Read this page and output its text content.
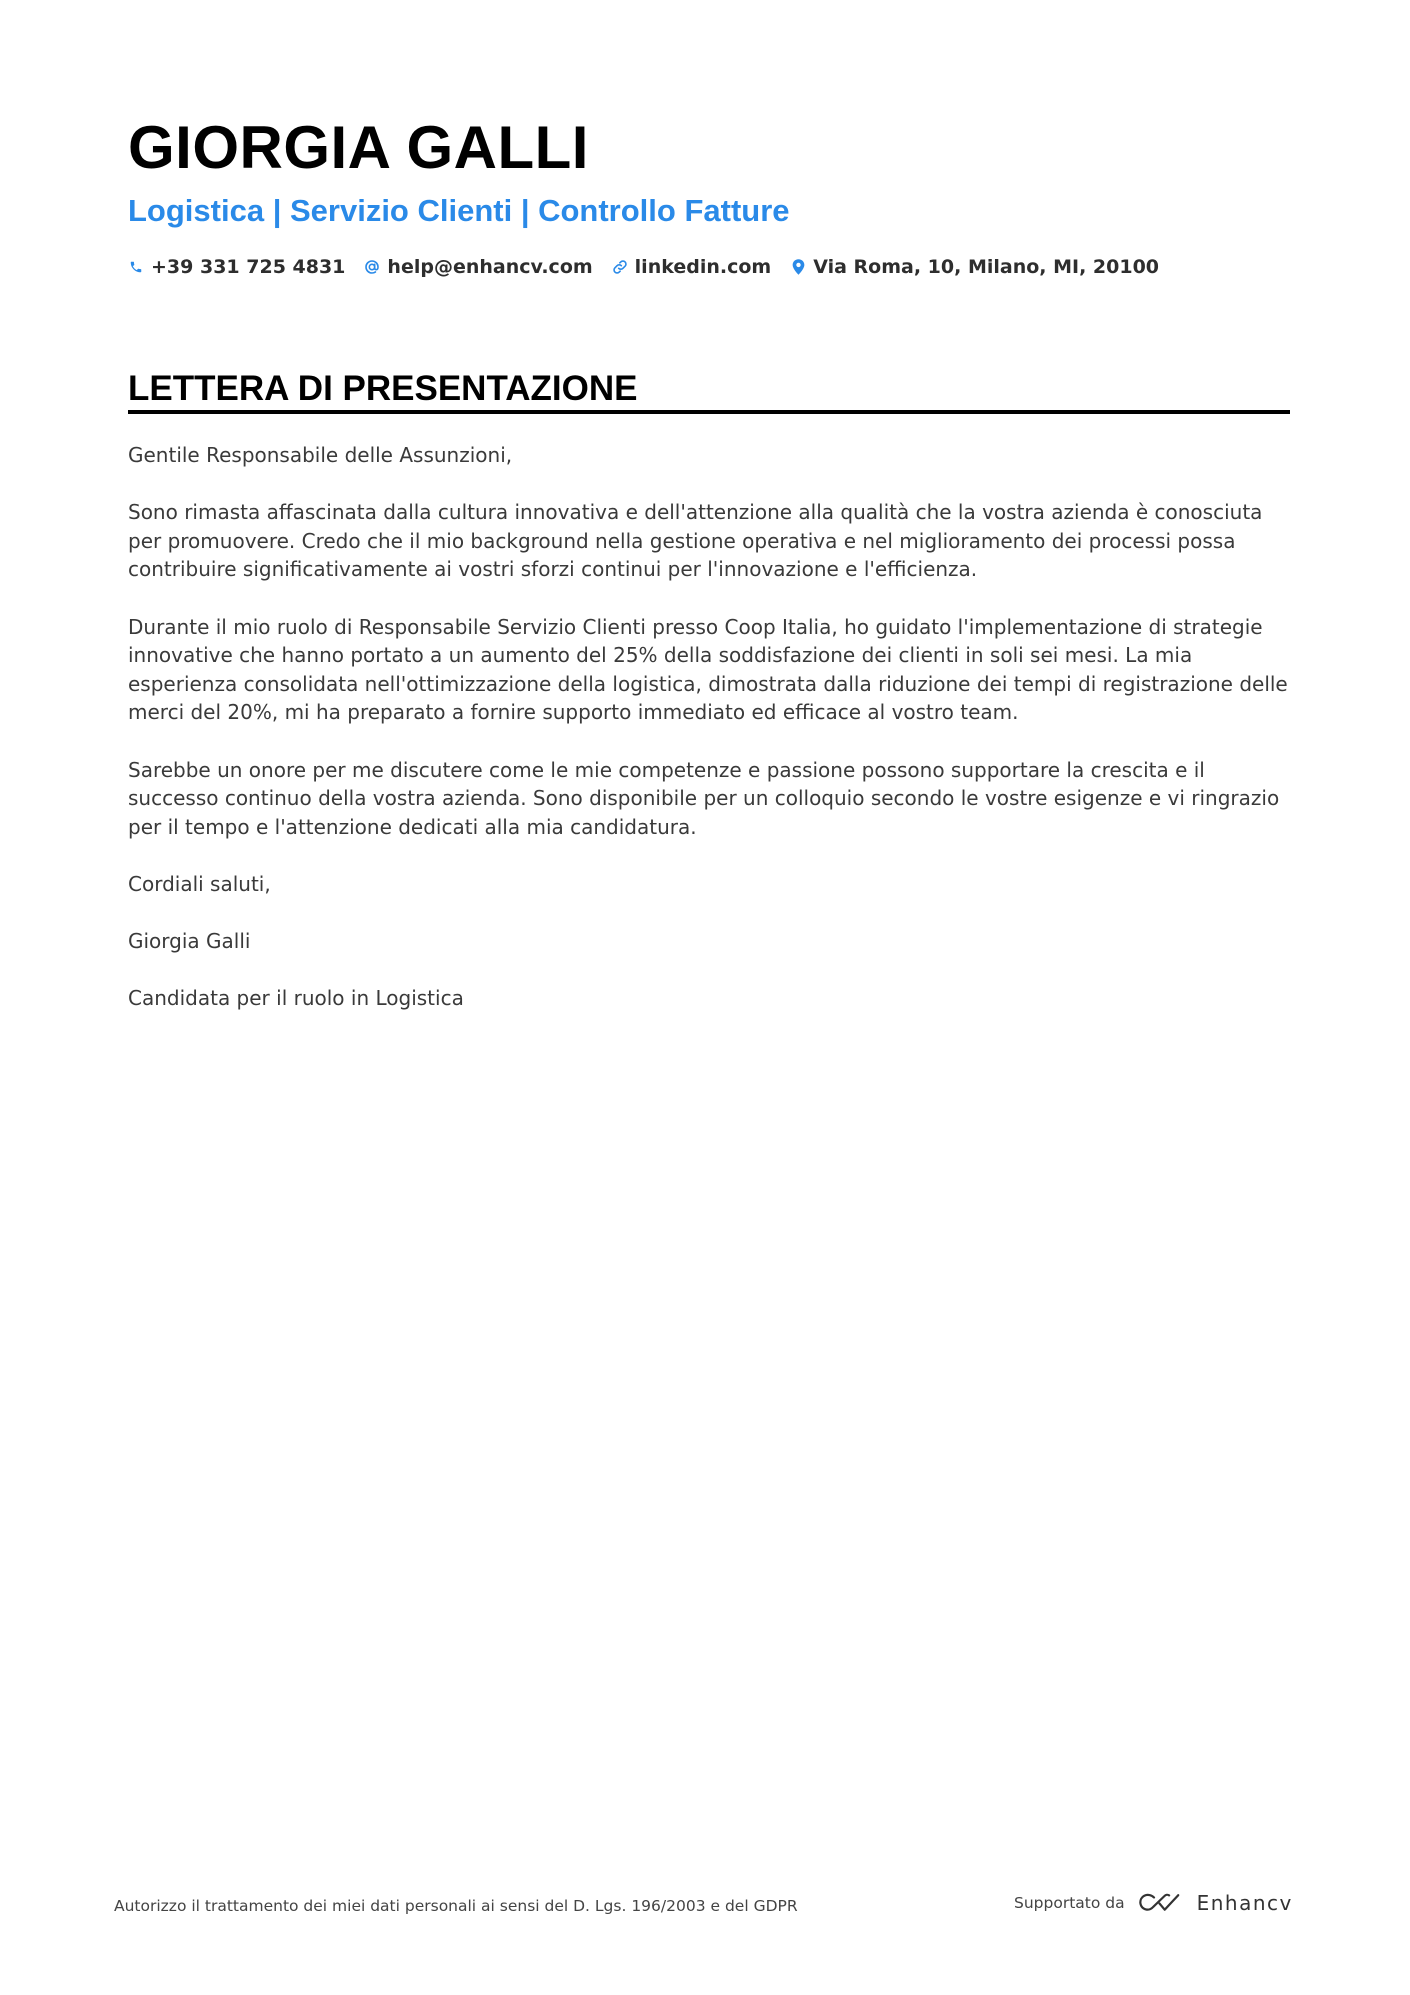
GIORGIA GALLI
Logistica | Servizio Clienti | Controllo Fatture
+39 331 725 4831 help@enhancv.com linkedin.com Via Roma, 10, Milano, MI, 20100
LETTERA DI PRESENTAZIONE

Gentile Responsabile delle Assunzioni,

Sono rimasta affascinata dalla cultura innovativa e dell'attenzione alla qualità che la vostra azienda è conosciuta per promuovere. Credo che il mio background nella gestione operativa e nel miglioramento dei processi possa contribuire significativamente ai vostri sforzi continui per l'innovazione e l'efficienza.

Durante il mio ruolo di Responsabile Servizio Clienti presso Coop Italia, ho guidato l'implementazione di strategie innovative che hanno portato a un aumento del 25% della soddisfazione dei clienti in soli sei mesi. La mia esperienza consolidata nell'ottimizzazione della logistica, dimostrata dalla riduzione dei tempi di registrazione delle merci del 20%, mi ha preparato a fornire supporto immediato ed efficace al vostro team.

Sarebbe un onore per me discutere come le mie competenze e passione possono supportare la crescita e il successo continuo della vostra azienda. Sono disponibile per un colloquio secondo le vostre esigenze e vi ringrazio per il tempo e l'attenzione dedicati alla mia candidatura.

Cordiali saluti,

Giorgia Galli

Candidata per il ruolo in Logistica

Autorizzo il trattamento dei miei dati personali ai sensi del D. Lgs. 196/2003 e del GDPR	Supportato da	Enhancv
